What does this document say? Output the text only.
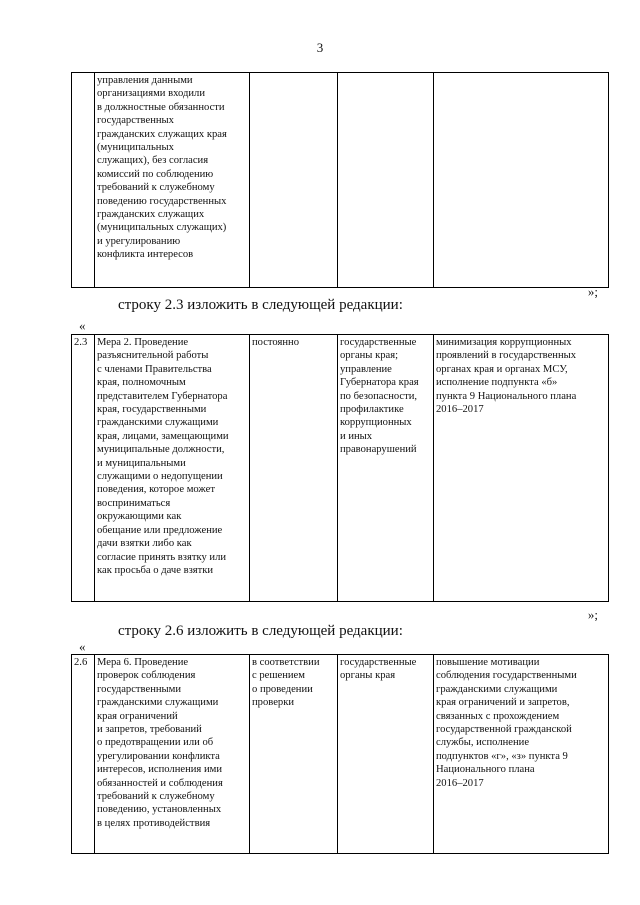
3

управления данными
организациями входили
в должностные обязанности
государственных
гражданских служащих края
(муниципальных
служащих), без согласия
комиссий по соблюдению
требований к служебному
поведению государственных
гражданских служащих
(муниципальных служащих)
и урегулированию
конфликта интересов

»;
строку 2.3 изложить в следующей редакции:
«
2.3	Мера 2. Проведение
разъяснительной работы
с членами Правительства
края, полномочным
представителем Губернатора
края, государственными
гражданскими служащими
края, лицами, замещающими
муниципальные должности,
и муниципальными
служащими о недопущении
поведения, которое может
восприниматься
окружающими как
обещание или предложение
дачи взятки либо как
согласие принять взятку или
как просьба о даче взятки

постоянно	государственные
органы края;
управление
Губернатора края
по безопасности,
профилактике
коррупционных
и иных
правонарушений

минимизация коррупционных
проявлений в государственных
органах края и органах МСУ,
исполнение подпункта «б»
пункта 9 Национального плана
2016–2017
»;
строку 2.6 изложить в следующей редакции:
«
2.6	Мера 6. Проведение
проверок соблюдения
государственными
гражданскими служащими
края ограничений
и запретов, требований
о предотвращении или об
урегулировании конфликта
интересов, исполнения ими
обязанностей и соблюдения
требований к служебному
поведению, установленных
в целях противодействия

в соответствии
с решением
о проведении
проверки

государственные
органы края

повышение мотивации
соблюдения государственными
гражданскими служащими
края ограничений и запретов,
связанных с прохождением
государственной гражданской
службы, исполнение
подпунктов «г», «з» пункта 9
Национального плана
2016–2017
